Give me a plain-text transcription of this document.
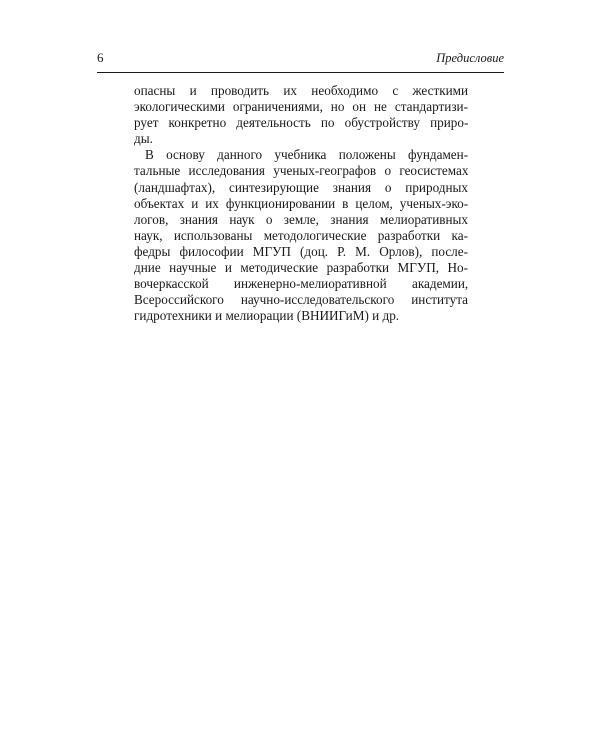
6	Предисловие
опасны и проводить их необходимо с жесткими
экологическими ограничениями, но он не стандартизи-
рует конкретно деятельность по обустройству приро-
ды.
В основу данного учебника положены фундамен-
тальные исследования ученых-географов о геосистемах
(ландшафтах), синтезирующие знания о природных
объектах и их функционировании в целом, ученых-эко-
логов, знания наук о земле, знания мелиоративных
наук, использованы методологические разработки ка-
федры философии МГУП (доц. Р. М. Орлов), после-
дние научные и методические разработки МГУП, Но-
вочеркасской инженерно-мелиоративной академии,
Всероссийского научно-исследовательского института
гидротехники и мелиорации (ВНИИГиМ) и др.
